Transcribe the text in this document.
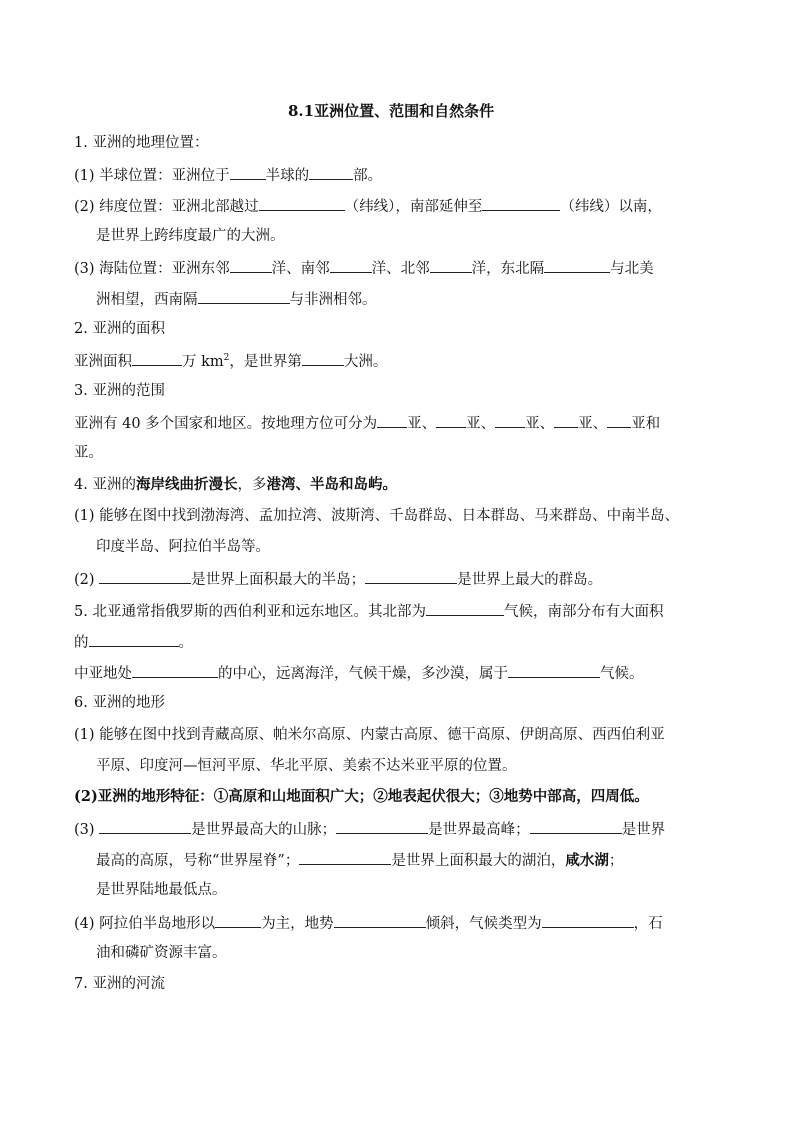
8.1亚洲位置、范围和自然条件
1. 亚洲的地理位置：
(1) 半球位置：亚洲位于 半球的	部。
(2) 纬度位置：亚洲北部越过	（纬线），南部延伸至	（纬线）以南，
是世界上跨纬度最广的大洲。
(3) 海陆位置：亚洲东邻	洋、南邻	洋、北邻	洋，东北隔	与北美
洲相望，西南隔	与非洲相邻。
2. 亚洲的面积
亚洲面积	万 $km^2$，是世界第	大洲。
3. 亚洲的范围
亚洲有 40 多个国家和地区。按地理方位可分为 亚、 亚、 亚、 亚、 亚和
亚。
4. 亚洲的海岸线曲折漫长，多港湾、半岛和岛屿。
(1) 能够在图中找到渤海湾、孟加拉湾、波斯湾、千岛群岛、日本群岛、马来群岛、中南半岛、
印度半岛、阿拉伯半岛等。
(2)	是世界上面积最大的半岛；	是世界上最大的群岛。
5. 北亚通常指俄罗斯的西伯利亚和远东地区。其北部为	气候，南部分布有大面积
的	。
中亚地处	的中心，远离海洋，气候干燥，多沙漠，属于	气候。
6. 亚洲的地形
(1) 能够在图中找到青藏高原、帕米尔高原、内蒙古高原、德干高原、伊朗高原、西西伯利亚
平原、印度河—恒河平原、华北平原、美索不达米亚平原的位置。
(2)亚洲的地形特征：①高原和山地面积广大；②地表起伏很大；③地势中部高，四周低。
(3)	是世界最高大的山脉；	是世界最高峰；	是世界
最高的高原，号称“世界屋脊”；	是世界上面积最大的湖泊，咸水湖；
是世界陆地最低点。
(4) 阿拉伯半岛地形以	为主，地势	倾斜，气候类型为	，石
油和磷矿资源丰富。
7. 亚洲的河流
